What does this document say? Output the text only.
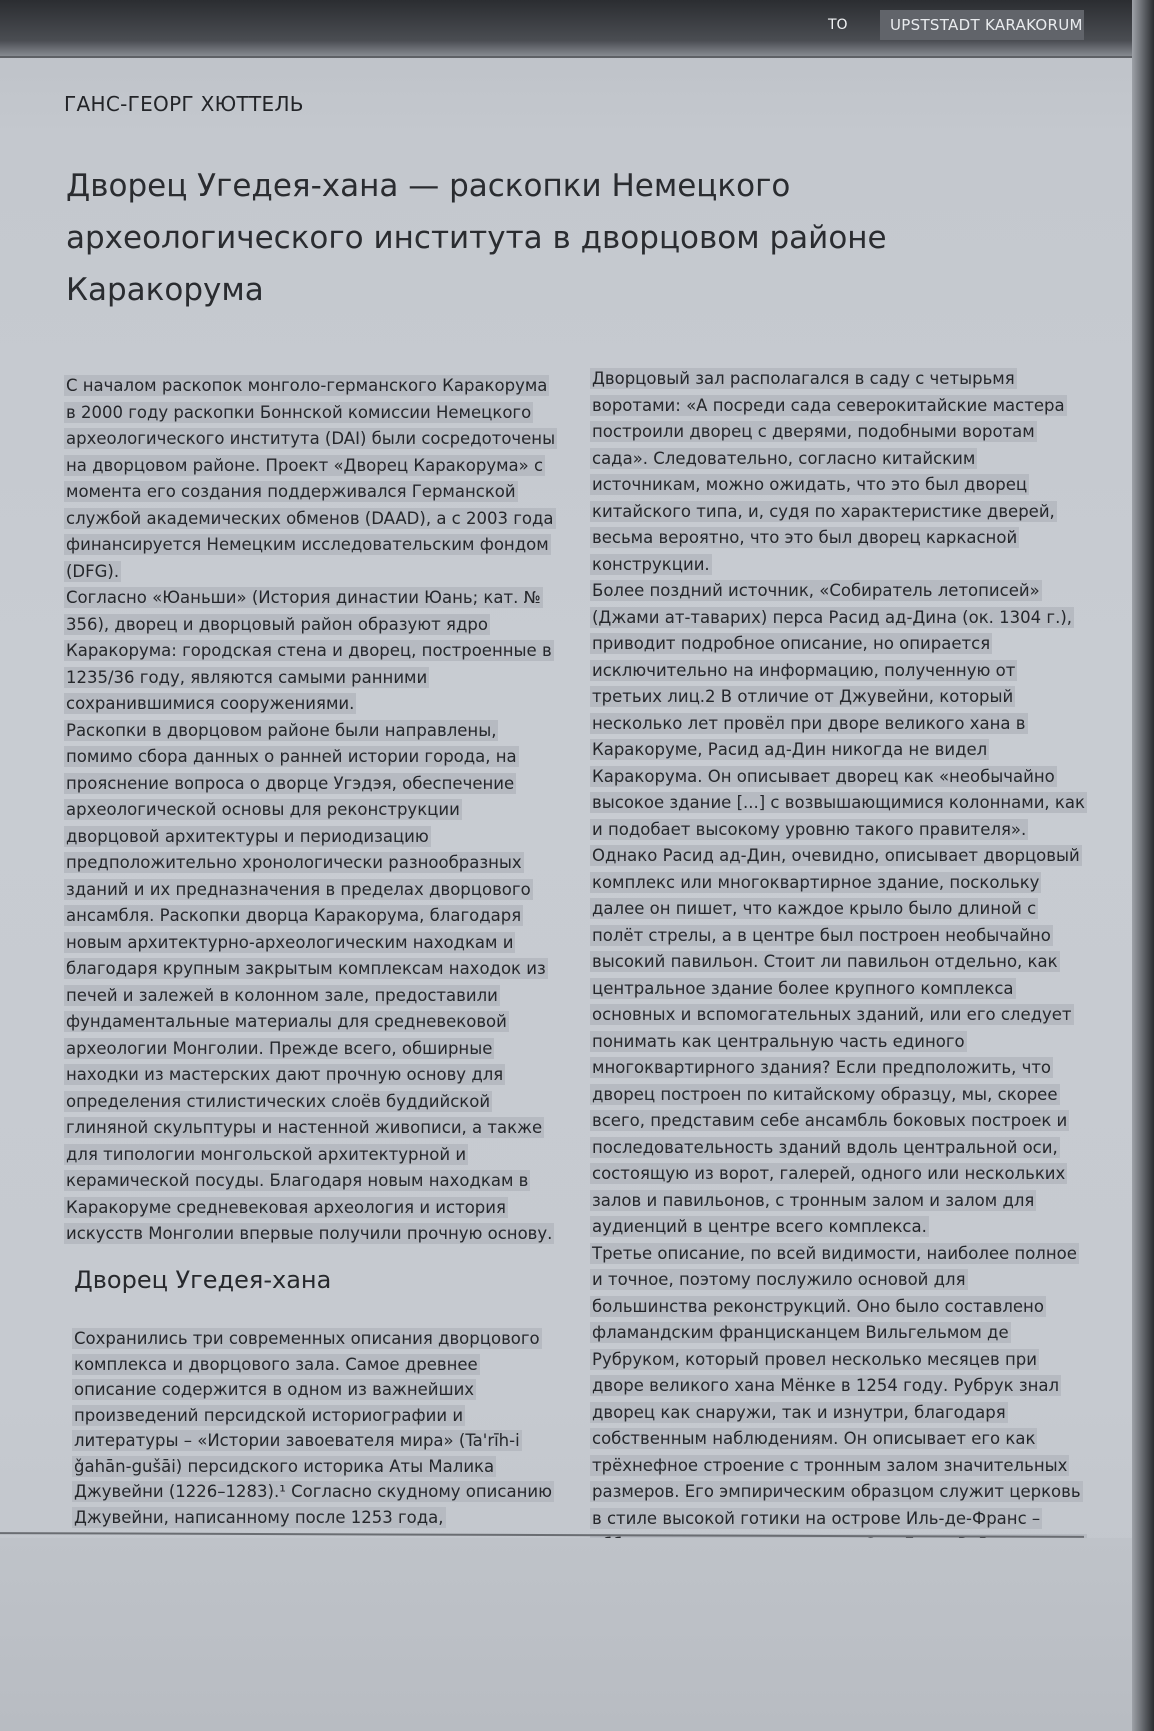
TO	UPSTSTADT KARAKORUM
ГАНС-ГЕОРГ ХЮТТЕЛЬ
Дворец Угедея-хана — раскопки Немецкого археологического института в дворцовом районе Каракорума

С началом раскопок монголо-германского Каракорума в 2000 году раскопки Боннской комиссии Немецкого археологического института (DAI) были сосредоточены на дворцовом районе. Проект «Дворец Каракорума» с момента его создания поддерживался Германской службой академических обменов (DAAD), а с 2003 года финансируется Немецким исследовательским фондом (DFG).

Согласно «Юаньши» (История династии Юань; кат. № 356), дворец и дворцовый район образуют ядро Каракорума: городская стена и дворец, построенные в 1235/36 году, являются самыми ранними сохранившимися сооружениями.

Раскопки в дворцовом районе были направлены, помимо сбора данных о ранней истории города, на прояснение вопроса о дворце Угэдэя, обеспечение археологической основы для реконструкции дворцовой архитектуры и периодизацию предположительно хронологически разнообразных зданий и их предназначения в пределах дворцового ансамбля. Раскопки дворца Каракорума, благодаря новым архитектурно-археологическим находкам и благодаря крупным закрытым комплексам находок из печей и залежей в колонном зале, предоставили фундаментальные материалы для средневековой археологии Монголии. Прежде всего, обширные находки из мастерских дают прочную основу для определения стилистических слоёв буддийской глиняной скульптуры и настенной живописи, а также для типологии монгольской архитектурной и керамической посуды. Благодаря новым находкам в Каракоруме средневековая археология и история искусств Монголии впервые получили прочную основу.

Дворец Угедея-хана

Сохранились три современных описания дворцового комплекса и дворцового зала. Самое древнее описание содержится в одном из важнейших произведений персидской историографии и литературы – «Истории завоевателя мира» (Ta'rīh-i ǧahān-gušāi) персидского историка Аты Малика Джувейни (1226–1283).¹ Согласно скудному описанию Джувейни, написанному после 1253 года,

Дворцовый зал располагался в саду с четырьмя воротами: «А посреди сада северокитайские мастера построили дворец с дверями, подобными воротам сада». Следовательно, согласно китайским источникам, можно ожидать, что это был дворец китайского типа, и, судя по характеристике дверей, весьма вероятно, что это был дворец каркасной конструкции.

Более поздний источник, «Собиратель летописей» (Джами ат-таварих) перса Расид ад-Дина (ок. 1304 г.), приводит подробное описание, но опирается исключительно на информацию, полученную от третьих лиц.2 В отличие от Джувейни, который несколько лет провёл при дворе великого хана в Каракоруме, Расид ад-Дин никогда не видел Каракорума. Он описывает дворец как «необычайно высокое здание [...] с возвышающимися колоннами, как и подобает высокому уровню такого правителя». Однако Расид ад-Дин, очевидно, описывает дворцовый комплекс или многоквартирное здание, поскольку далее он пишет, что каждое крыло было длиной с полёт стрелы, а в центре был построен необычайно высокий павильон. Стоит ли павильон отдельно, как центральное здание более крупного комплекса основных и вспомогательных зданий, или его следует понимать как центральную часть единого многоквартирного здания? Если предположить, что дворец построен по китайскому образцу, мы, скорее всего, представим себе ансамбль боковых построек и последовательность зданий вдоль центральной оси, состоящую из ворот, галерей, одного или нескольких залов и павильонов, с тронным залом и залом для аудиенций в центре всего комплекса.

Третье описание, по всей видимости, наиболее полное и точное, поэтому послужило основой для большинства реконструкций. Оно было составлено фламандским францисканцем Вильгельмом де Рубруком, который провел несколько месяцев при дворе великого хана Мёнке в 1254 году. Рубрук знал дворец как снаружи, так и изнутри, благодаря собственным наблюдениям. Он описывает его как трёхнефное строение с тронным залом значительных размеров. Его эмпирическим образцом служит церковь в стиле высокой готики на острове Иль-де-Франс –
